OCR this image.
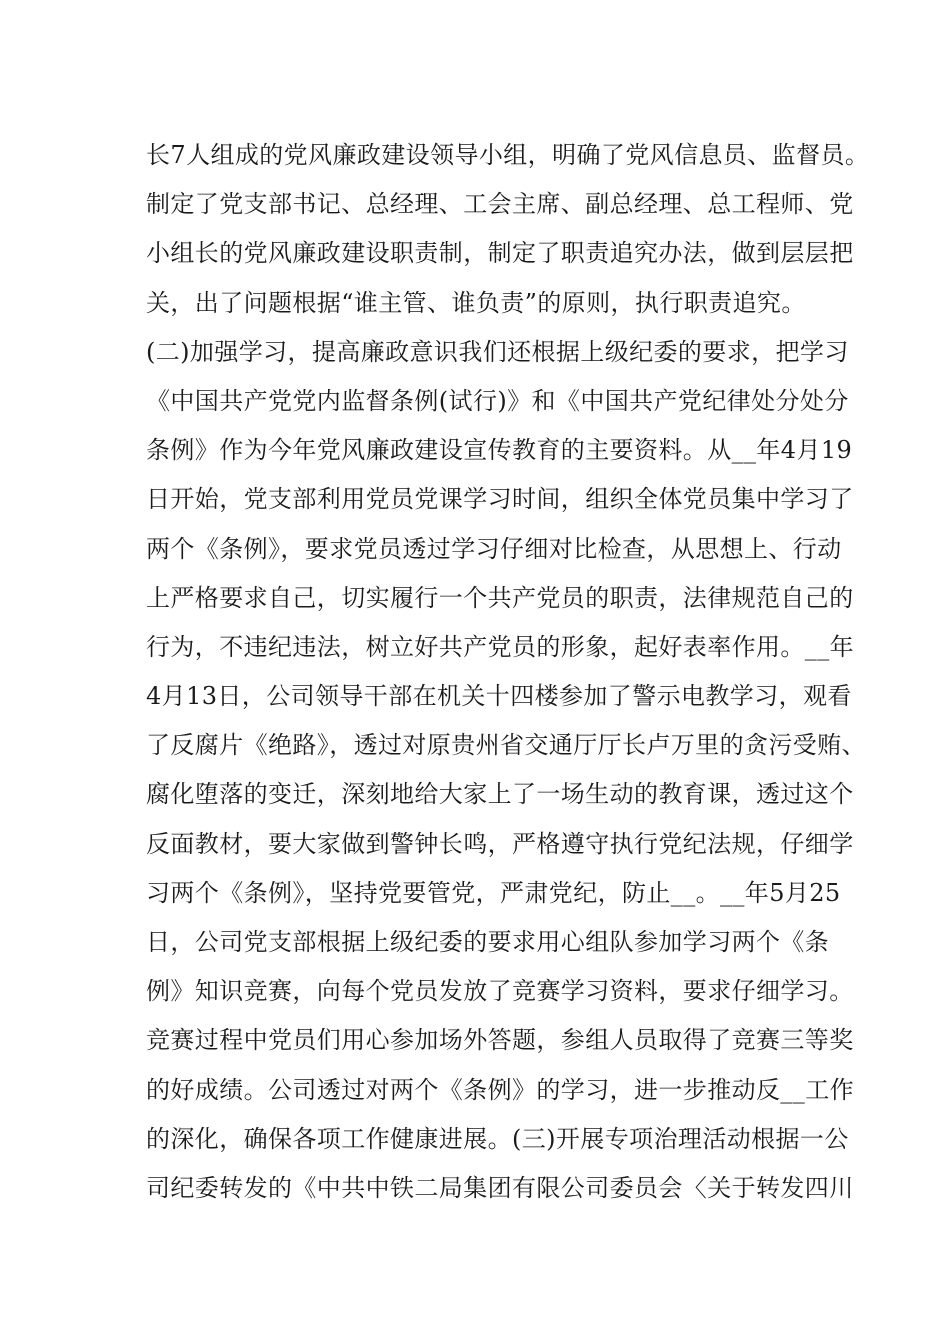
长7人组成的党风廉政建设领导小组，明确了党风信息员、监督员。
制定了党支部书记、总经理、工会主席、副总经理、总工程师、党
小组长的党风廉政建设职责制，制定了职责追究办法，做到层层把
关，出了问题根据“谁主管、谁负责”的原则，执行职责追究。
(二)加强学习，提高廉政意识我们还根据上级纪委的要求，把学习
《中国共产党党内监督条例(试行)》和《中国共产党纪律处分处分
条例》作为今年党风廉政建设宣传教育的主要资料。从__年4月19
日开始，党支部利用党员党课学习时间，组织全体党员集中学习了
两个《条例》，要求党员透过学习仔细对比检查，从思想上、行动
上严格要求自己，切实履行一个共产党员的职责，法律规范自己的
行为，不违纪违法，树立好共产党员的形象，起好表率作用。__年
4月13日，公司领导干部在机关十四楼参加了警示电教学习，观看
了反腐片《绝路》，透过对原贵州省交通厅厅长卢万里的贪污受贿、
腐化堕落的变迁，深刻地给大家上了一场生动的教育课，透过这个
反面教材，要大家做到警钟长鸣，严格遵守执行党纪法规，仔细学
习两个《条例》，坚持党要管党，严肃党纪，防止__。__年5月25
日，公司党支部根据上级纪委的要求用心组队参加学习两个《条
例》知识竞赛，向每个党员发放了竞赛学习资料，要求仔细学习。
竞赛过程中党员们用心参加场外答题，参组人员取得了竞赛三等奖
的好成绩。公司透过对两个《条例》的学习，进一步推动反__工作
的深化，确保各项工作健康进展。(三)开展专项治理活动根据一公
司纪委转发的《中共中铁二局集团有限公司委员会〈关于转发四川
